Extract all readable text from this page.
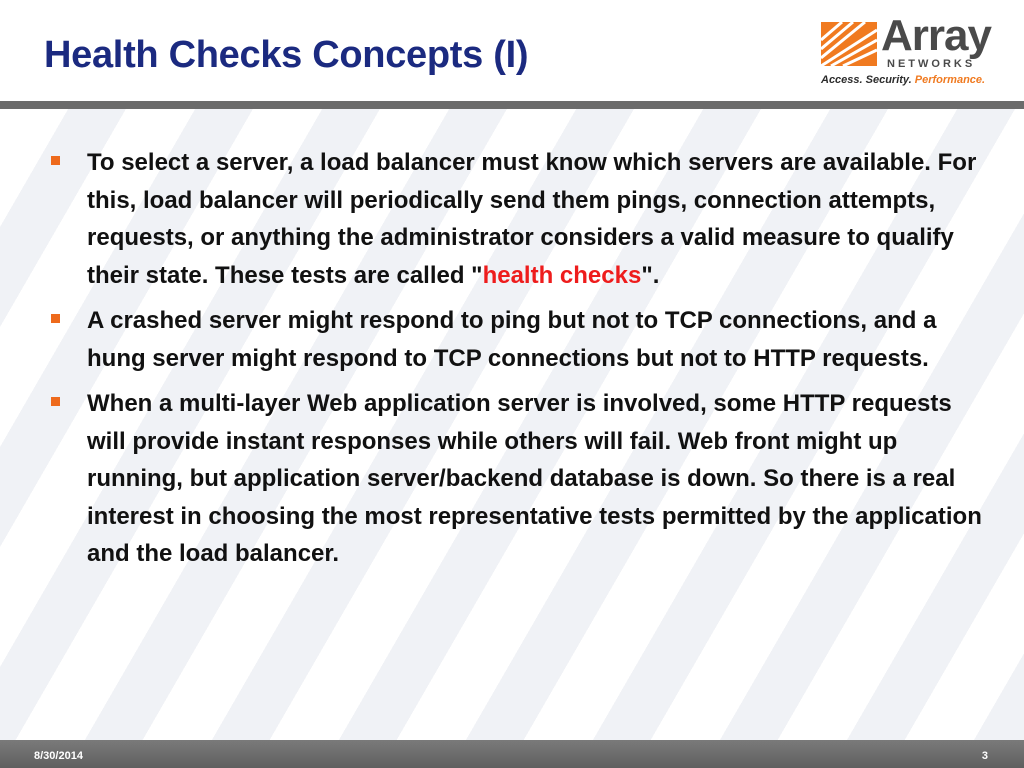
Health Checks Concepts (I)	Array
NETWORKS
Access. Security. Performance.
To select a server, a load balancer must know which servers are available. For this, load balancer will periodically send them pings, connection attempts, requests, or anything the administrator considers a valid measure to qualify their state. These tests are called "health checks".
A crashed server might respond to ping but not to TCP connections, and a hung server might respond to TCP connections but not to HTTP requests.
When a multi-layer Web application server is involved, some HTTP requests will provide instant responses while others will fail. Web front might up running, but application server/backend database is down. So there is a real interest in choosing the most representative tests permitted by the application and the load balancer.
8/30/2014	3
